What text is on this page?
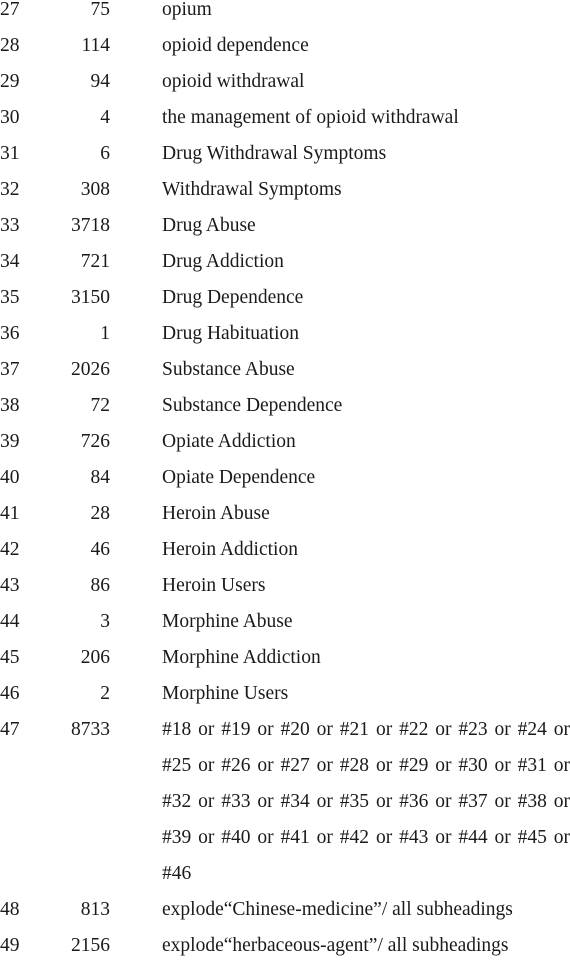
27	75	opium
28	114	opioid dependence
29	94	opioid withdrawal
30	4	the management of opioid withdrawal
31	6	Drug Withdrawal Symptoms
32	308	Withdrawal Symptoms
33	3718	Drug Abuse
34	721	Drug Addiction
35	3150	Drug Dependence
36	1	Drug Habituation
37	2026	Substance Abuse
38	72	Substance Dependence
39	726	Opiate Addiction
40	84	Opiate Dependence
41	28	Heroin Abuse
42	46	Heroin Addiction
43	86	Heroin Users
44	3	Morphine Abuse
45	206	Morphine Addiction
46	2	Morphine Users
47	8733	#18 or #19 or #20 or #21 or #22 or #23 or #24 or #25 or #26 or #27 or #28 or #29 or #30 or #31 or #32 or #33 or #34 or #35 or #36 or #37 or #38 or #39 or #40 or #41 or #42 or #43 or #44 or #45 or #46
48	813	explode“Chinese-medicine”/ all subheadings
49	2156	explode“herbaceous-agent”/ all subheadings
